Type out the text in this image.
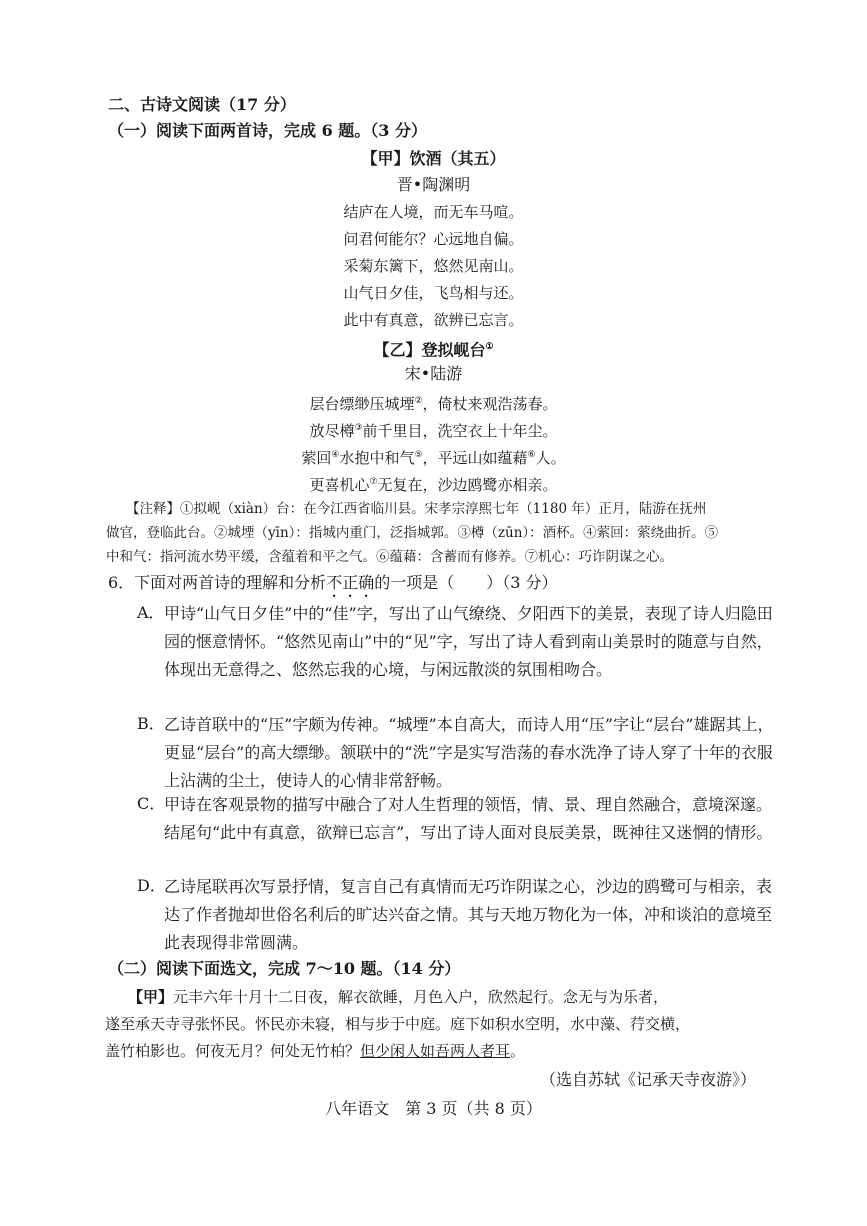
二、古诗文阅读（17 分）
（一）阅读下面两首诗，完成 6 题。（3 分）
【甲】饮酒（其五）
晋•陶渊明
结庐在人境，而无车马喧。
问君何能尔？心远地自偏。
采菊东篱下，悠然见南山。
山气日夕佳，飞鸟相与还。
此中有真意，欲辨已忘言。
【乙】登拟岘台①
宋•陆游
层台缥缈压城堙②，倚杖来观浩荡春。
放尽樽③前千里目，洗空衣上十年尘。
萦回④水抱中和气⑤，平远山如蕴藉⑥人。
更喜机心⑦无复在，沙边鸥鹭亦相亲。
【注释】①拟岘（xiàn）台：在今江西省临川县。宋孝宗淳熙七年（1180 年）正月，陆游在抚州
做官，登临此台。②城堙（yīn）：指城内重门，泛指城郭。③樽（zūn）：酒杯。④萦回：萦绕曲折。⑤
中和气：指河流水势平缓，含蕴着和平之气。⑥蕴藉：含蓄而有修养。⑦机心：巧诈阴谋之心。
6．下面对两首诗的理解和分析不正确的一项是（　　）（3 分）
A． 甲诗“山气日夕佳”中的“佳”字，写出了山气缭绕、夕阳西下的美景，表现了诗人归隐田园的惬意情怀。“悠然见南山”中的“见”字，写出了诗人看到南山美景时的随意与自然，体现出无意得之、悠然忘我的心境，与闲远散淡的氛围相吻合。
B． 乙诗首联中的“压”字颇为传神。“城堙”本自高大，而诗人用“压”字让“层台”雄踞其上，更显“层台”的高大缥缈。颔联中的“洗”字是实写浩荡的春水洗净了诗人穿了十年的衣服上沾满的尘土，使诗人的心情非常舒畅。
C．
甲诗在客观景物的描写中融合了对人生哲理的领悟，情、景、理自然融合，意境深邃。结尾句“此中有真意，欲辩已忘言”，写出了诗人面对良辰美景，既神往又迷惘的情形。
D．
乙诗尾联再次写景抒情，复言自己有真情而无巧诈阴谋之心，沙边的鸥鹭可与相亲，表达了作者抛却世俗名利后的旷达兴奋之情。其与天地万物化为一体，冲和谈泊的意境至此表现得非常圆满。
（二）阅读下面选文，完成 7～10 题。（14 分）
【甲】元丰六年十月十二日夜，解衣欲睡，月色入户，欣然起行。念无与为乐者，
遂至承天寺寻张怀民。怀民亦未寝，相与步于中庭。庭下如积水空明，水中藻、荇交横，
盖竹柏影也。何夜无月？何处无竹柏？但少闲人如吾两人者耳。
（选自苏轼《记承天寺夜游》）
八年语文　第 3 页（共 8 页）
